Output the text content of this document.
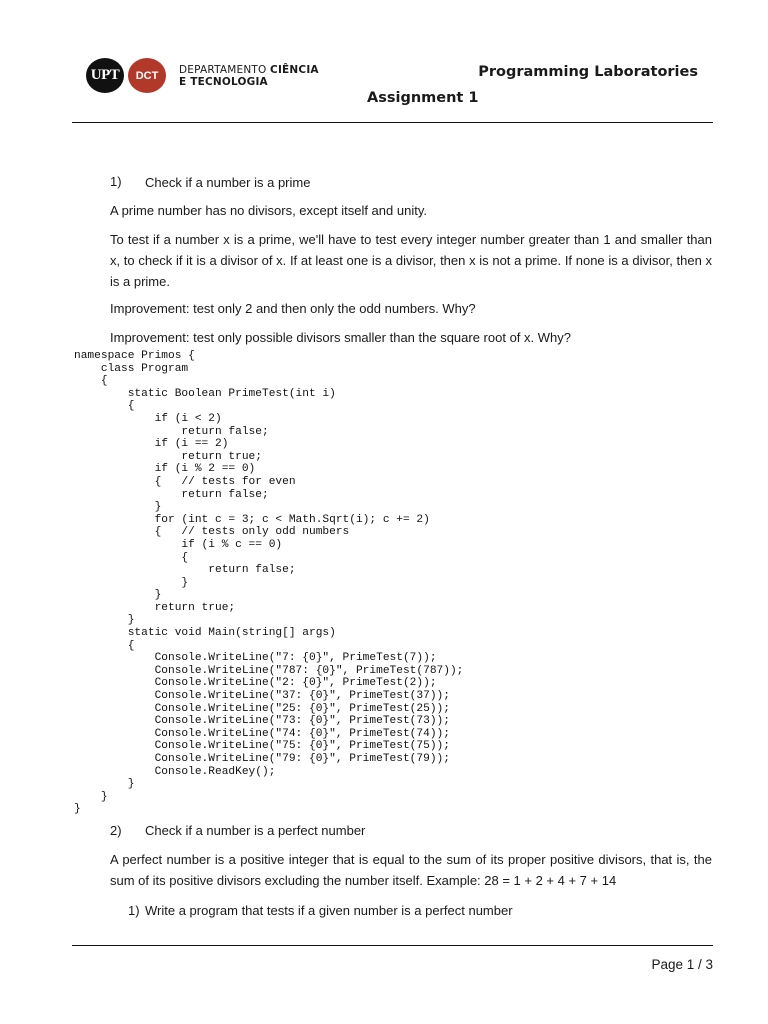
UPT DCT DEPARTAMENTO CIÊNCIA
E TECNOLOGIA
Programming Laboratories
Assignment 1
1) Check if a number is a prime
A prime number has no divisors, except itself and unity.
To test if a number x is a prime, we'll have to test every integer number greater than 1 and smaller than x, to check if it is a divisor of x. If at least one is a divisor, then x is not a prime. If none is a divisor, then x is a prime.
Improvement: test only 2 and then only the odd numbers. Why?
Improvement: test only possible divisors smaller than the square root of x. Why?
namespace Primos {
class Program
{
static Boolean PrimeTest(int i)
{
if (i < 2)
return false;
if (i == 2)
return true;
if (i % 2 == 0)
{   // tests for even
return false;
}
for (int c = 3; c < Math.Sqrt(i); c += 2)
{   // tests only odd numbers
if (i % c == 0)
{
return false;
}
}
return true;
}
static void Main(string[] args)
{
Console.WriteLine("7: {0}", PrimeTest(7));
Console.WriteLine("787: {0}", PrimeTest(787));
Console.WriteLine("2: {0}", PrimeTest(2));
Console.WriteLine("37: {0}", PrimeTest(37));
Console.WriteLine("25: {0}", PrimeTest(25));
Console.WriteLine("73: {0}", PrimeTest(73));
Console.WriteLine("74: {0}", PrimeTest(74));
Console.WriteLine("75: {0}", PrimeTest(75));
Console.WriteLine("79: {0}", PrimeTest(79));
Console.ReadKey();
}
}
}
2) Check if a number is a perfect number
A perfect number is a positive integer that is equal to the sum of its proper positive divisors, that is, the sum of its positive divisors excluding the number itself. Example: 28 = 1 + 2 + 4 + 7 + 14
1) Write a program that tests if a given number is a perfect number
Page 1 / 3
